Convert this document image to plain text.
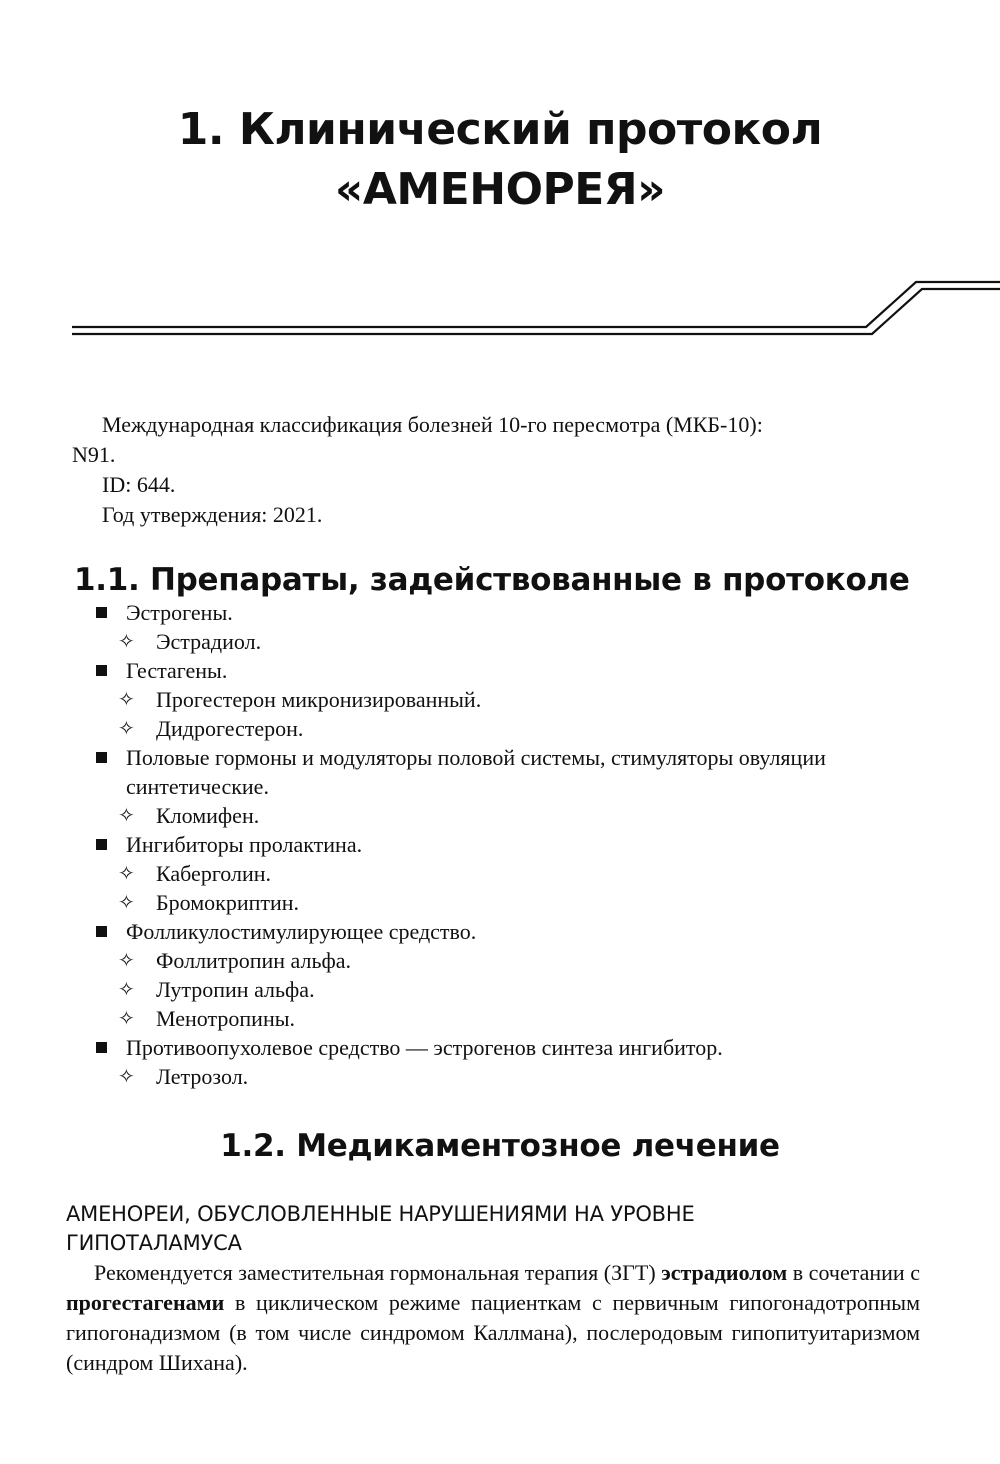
1. Клинический протокол
«АМЕНОРЕЯ»

Международная классификация болезней 10-го пересмотра (МКБ-10):

N91.

ID: 644.

Год утверждения: 2021.

1.1. Препараты, задействованные в протоколе
Эстрогены.
✧ Эстрадиол.
Гестагены.
✧ Прогестерон микронизированный.
✧ Дидрогестерон.
Половые гормоны и модуляторы половой системы, стимуляторы овуляции синтетические.
✧ Кломифен.
Ингибиторы пролактина.
✧ Каберголин.
✧ Бромокриптин.
Фолликулостимулирующее средство.
✧ Фоллитропин альфа.
✧ Лутропин альфа.
✧ Менотропины.
Противоопухолевое средство — эстрогенов синтеза ингибитор.
✧ Летрозол.
1.2. Медикаментозное лечение
АМЕНОРЕИ, ОБУСЛОВЛЕННЫЕ НАРУШЕНИЯМИ НА УРОВНЕ
ГИПОТАЛАМУСА

Рекомендуется заместительная гормональная терапия (ЗГТ) эстрадиолом в сочетании с прогестагенами в циклическом режиме пациенткам с первичным гипогонадотропным гипогонадизмом (в том числе синдромом Каллмана), послеродовым гипопитуитаризмом (синдром Шихана).
